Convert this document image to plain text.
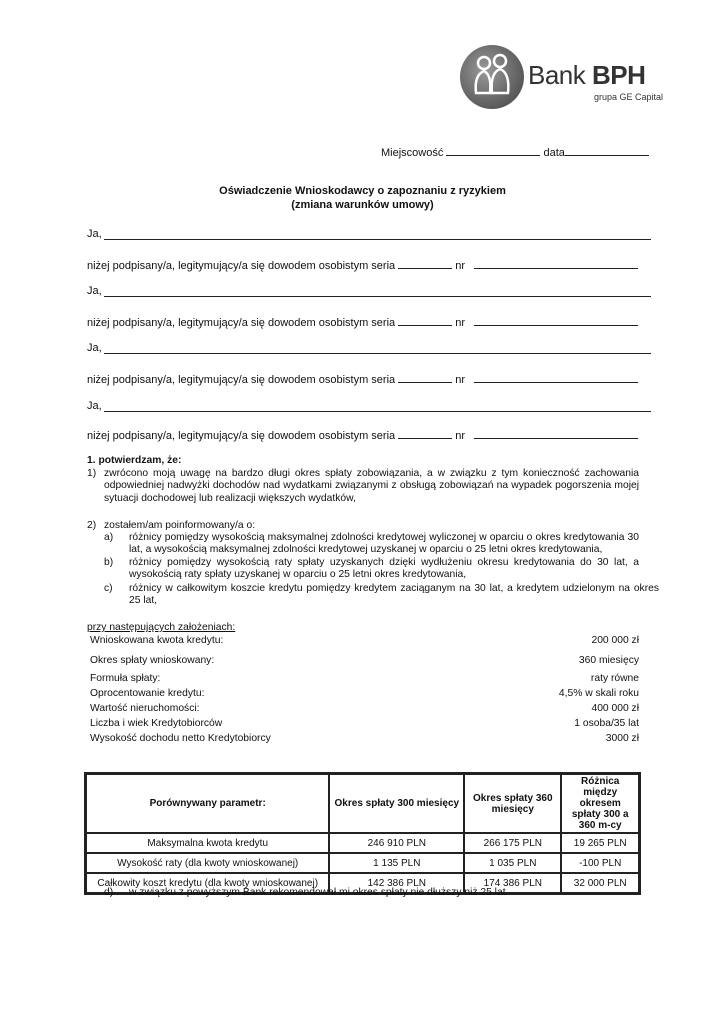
Bank BPH
grupa GE Capital
Miejscowość	data
Oświadczenie Wnioskodawcy o zapoznaniu z ryzykiem
(zmiana warunków umowy)
Ja,
niżej podpisany/a, legitymujący/a się dowodem osobistym seria	nr
Ja,
niżej podpisany/a, legitymujący/a się dowodem osobistym seria	nr
Ja,
niżej podpisany/a, legitymujący/a się dowodem osobistym seria	nr
Ja,
niżej podpisany/a, legitymujący/a się dowodem osobistym seria	nr
1. potwierdzam, że:
1) zwrócono moją uwagę na bardzo długi okres spłaty zobowiązania, a w związku z tym konieczność zachowania odpowiedniej nadwyżki dochodów nad wydatkami związanymi z obsługą zobowiązań na wypadek pogorszenia mojej sytuacji dochodowej lub realizacji większych wydatków,
2) zostałem/am poinformowany/a o:
a) różnicy pomiędzy wysokością maksymalnej zdolności kredytowej wyliczonej w oparciu o okres kredytowania 30 lat, a wysokością maksymalnej zdolności kredytowej uzyskanej w oparciu o 25 letni okres kredytowania,
b) różnicy pomiędzy wysokością raty spłaty uzyskanych dzięki wydłużeniu okresu kredytowania do 30 lat, a wysokością raty spłaty uzyskanej w oparciu o 25 letni okres kredytowania,
c) różnicy w całkowitym koszcie kredytu pomiędzy kredytem zaciąganym na 30 lat, a kredytem udzielonym na okres 25 lat,
przy następujących założeniach:
Wnioskowana kwota kredytu:	200 000 zł
Okres spłaty wnioskowany:	360 miesięcy
Formuła spłaty:	raty równe
Oprocentowanie kredytu:	4,5% w skali roku
Wartość nieruchomości:	400 000 zł
Liczba i wiek Kredytobiorców	1 osoba/35 lat
Wysokość dochodu netto Kredytobiorcy	3000 zł
Porównywany parametr:	Okres spłaty 300 miesięcy	Okres spłaty 360 miesięcy	Różnica między okresem spłaty 300 a 360 m-cy
Maksymalna kwota kredytu	246 910 PLN	266 175 PLN	19 265 PLN
Wysokość raty (dla kwoty wnioskowanej)	1 135 PLN	1 035 PLN	-100 PLN
Całkowity koszt kredytu (dla kwoty wnioskowanej)	142 386 PLN	174 386 PLN	32 000 PLN
d) w związku z powyższym Bank rekomendował mi okres spłaty nie dłuższy niż 25 lat.
